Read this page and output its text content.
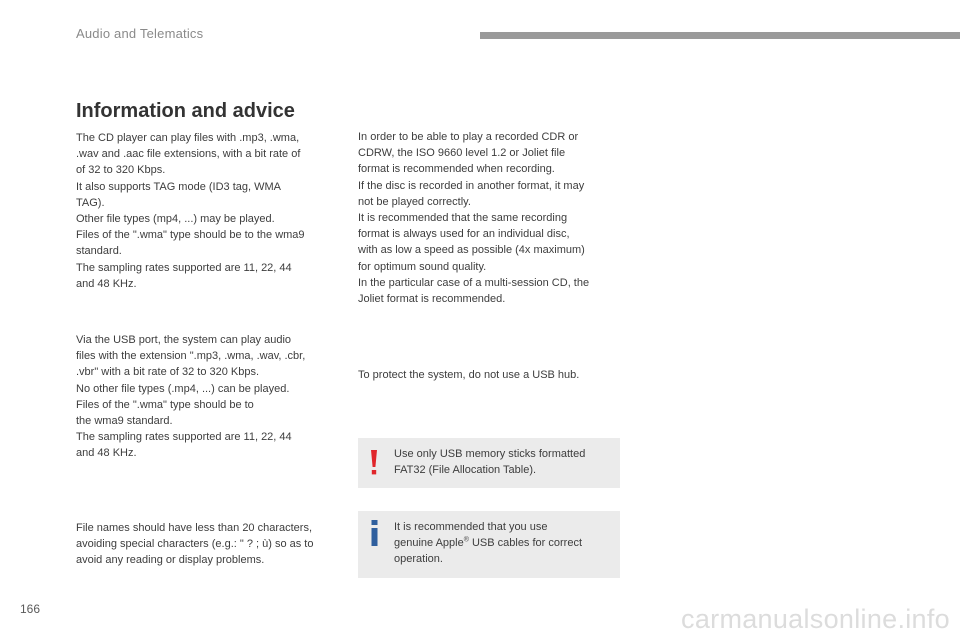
Audio and Telematics
Information and advice
The CD player can play files with .mp3, .wma,
.wav and .aac file extensions, with a bit rate of
of 32 to 320 Kbps.
It also supports TAG mode (ID3 tag, WMA
TAG).
Other file types (mp4, ...) may be played.
Files of the ".wma" type should be to the wma9
standard.
The sampling rates supported are 11, 22, 44
and 48 KHz.
Via the USB port, the system can play audio
files with the extension ".mp3, .wma, .wav, .cbr,
.vbr" with a bit rate of 32 to 320 Kbps.
No other file types (.mp4, ...) can be played.
Files of the ".wma" type should be to
the wma9 standard.
The sampling rates supported are 11, 22, 44
and 48 KHz.
File names should have less than 20 characters,
avoiding special characters (e.g.: " ? ; ù) so as to
avoid any reading or display problems.
In order to be able to play a recorded CDR or
CDRW, the ISO 9660 level 1.2 or Joliet file
format is recommended when recording.
If the disc is recorded in another format, it may
not be played correctly.
It is recommended that the same recording
format is always used for an individual disc,
with as low a speed as possible (4x maximum)
for optimum sound quality.
In the particular case of a multi-session CD, the
Joliet format is recommended.
To protect the system, do not use a USB hub.
Use only USB memory sticks formatted
FAT32 (File Allocation Table).
It is recommended that you use
genuine Apple® USB cables for correct
operation.
166	carmanualsonline.info
